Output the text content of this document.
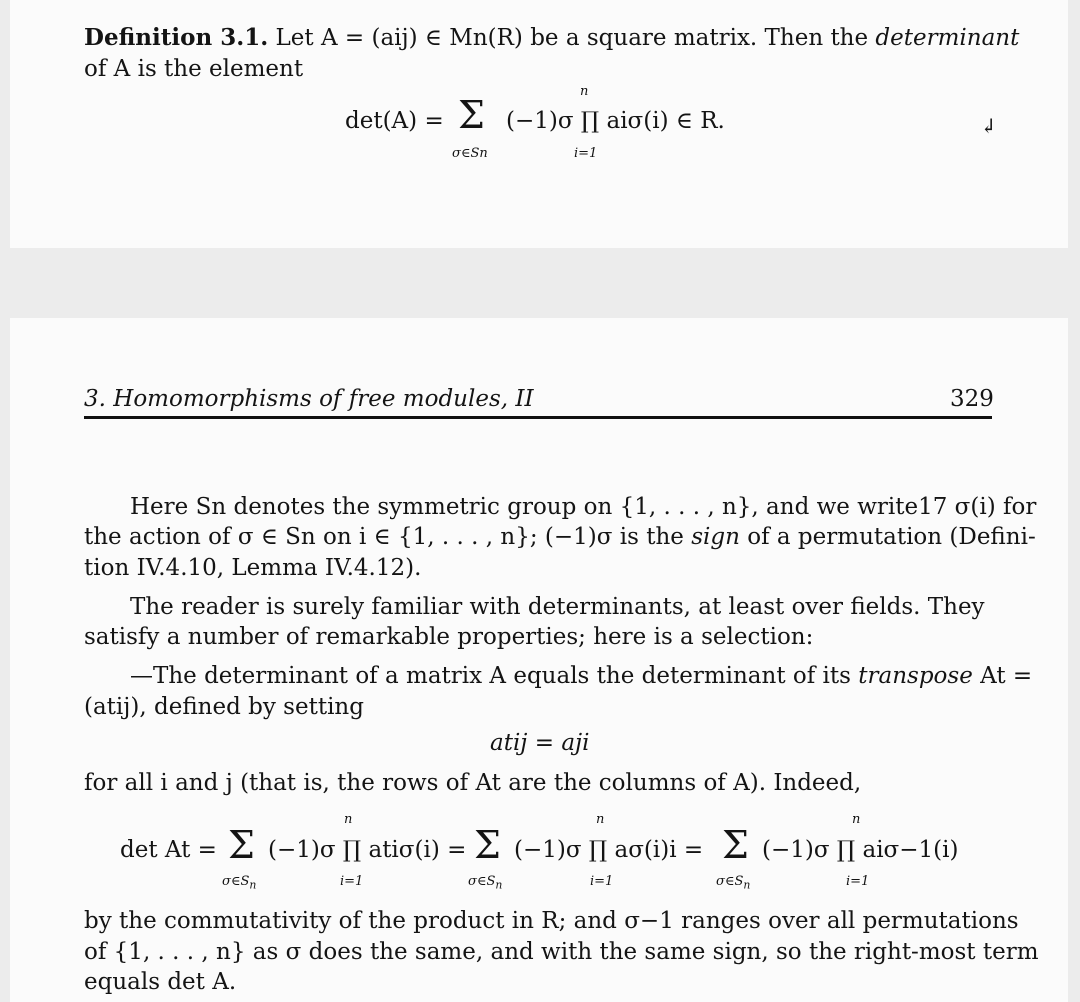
Definition 3.1. Let A = (aij) ∈ Mn(R) be a square matrix. Then the determinant
of A is the element
det(A) = Σ
σ∈Sn
(−1)σ ∏ aiσ(i) ∈ R.
n
i=1
↲
3. Homomorphisms of free modules, II	329
Here Sn denotes the symmetric group on {1, . . . , n}, and we write17 σ(i) for
the action of σ ∈ Sn on i ∈ {1, . . . , n}; (−1)σ is the sign of a permutation (Defini-
tion IV.4.10, Lemma IV.4.12).
The reader is surely familiar with determinants, at least over fields. They
satisfy a number of remarkable properties; here is a selection:
—The determinant of a matrix A equals the determinant of its transpose At =
(atij), defined by setting
atij = aji
for all i and j (that is, the rows of At are the columns of A). Indeed,
det At = Σ
$\sigma\in S_n$
(−1)σ ∏ atiσ(i) =
n
i=1
Σ
$\sigma\in S_n$
(−1)σ ∏ aσ(i)i =
n
i=1
Σ
$\sigma\in S_n$
(−1)σ ∏ aiσ−1(i)
n
i=1
by the commutativity of the product in R; and σ−1 ranges over all permutations
of {1, . . . , n} as σ does the same, and with the same sign, so the right-most term
equals det A.
